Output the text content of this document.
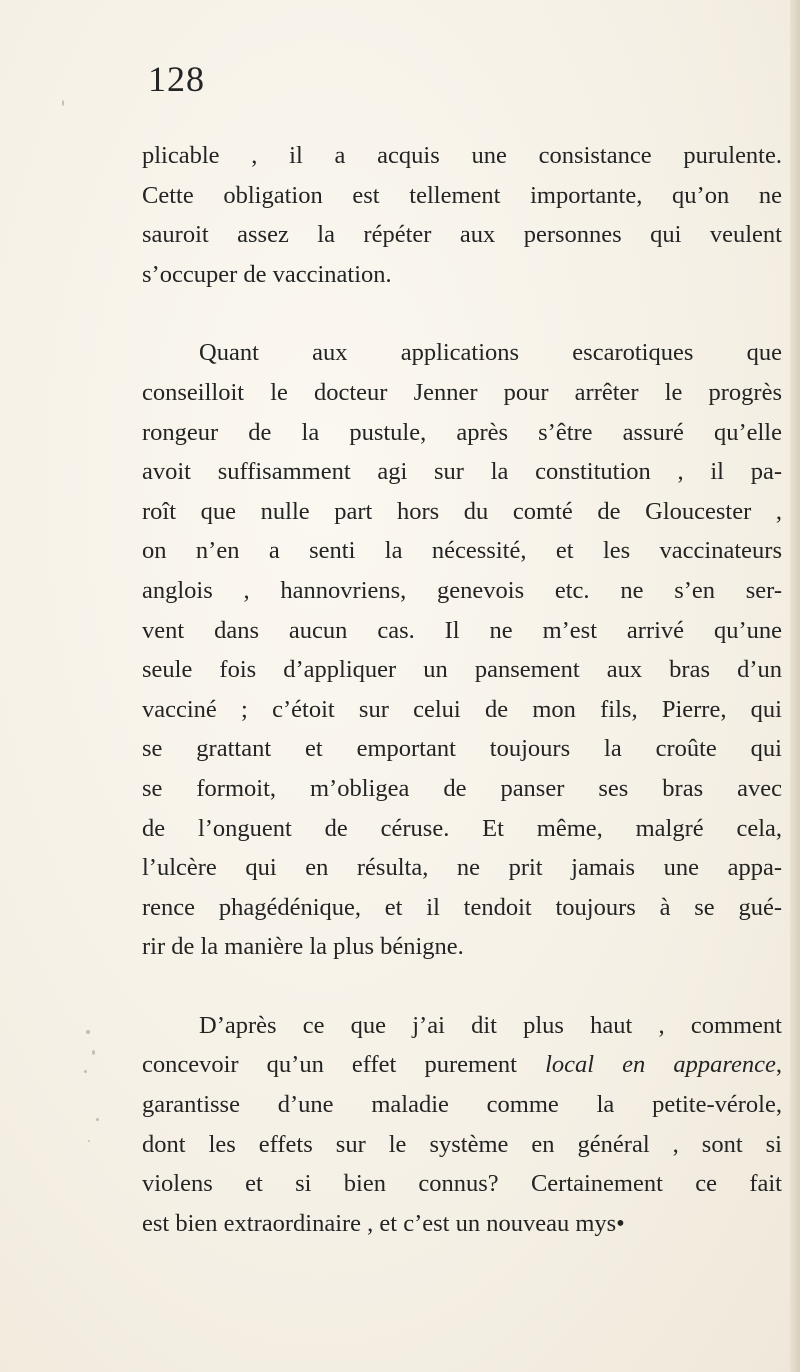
128
plicable , il a acquis une consistance purulente.
Cette obligation est tellement importante, qu’on ne
sauroit assez la répéter aux personnes qui veulent
s’occuper de vaccination.
Quant aux applications escarotiques que
conseilloit le docteur Jenner pour arrêter le progrès
rongeur de la pustule, après s’être assuré qu’elle
avoit suffisamment agi sur la constitution , il pa-
roît que nulle part hors du comté de Gloucester ,
on n’en a senti la nécessité, et les vaccinateurs
anglois , hannovriens, genevois etc. ne s’en ser-
vent dans aucun cas. Il ne m’est arrivé qu’une
seule fois d’appliquer un pansement aux bras d’un
vacciné ; c’étoit sur celui de mon fils, Pierre, qui
se grattant et emportant toujours la croûte qui
se formoit, m’obligea de panser ses bras avec
de l’onguent de céruse. Et même, malgré cela,
l’ulcère qui en résulta, ne prit jamais une appa-
rence phagédénique, et il tendoit toujours à se gué-
rir de la manière la plus bénigne.
D’après ce que j’ai dit plus haut , comment
concevoir qu’un effet purement local en apparence,
garantisse d’une maladie comme la petite-vérole,
dont les effets sur le système en général , sont si
violens et si bien connus? Certainement ce fait
est bien extraordinaire , et c’est un nouveau mys•
